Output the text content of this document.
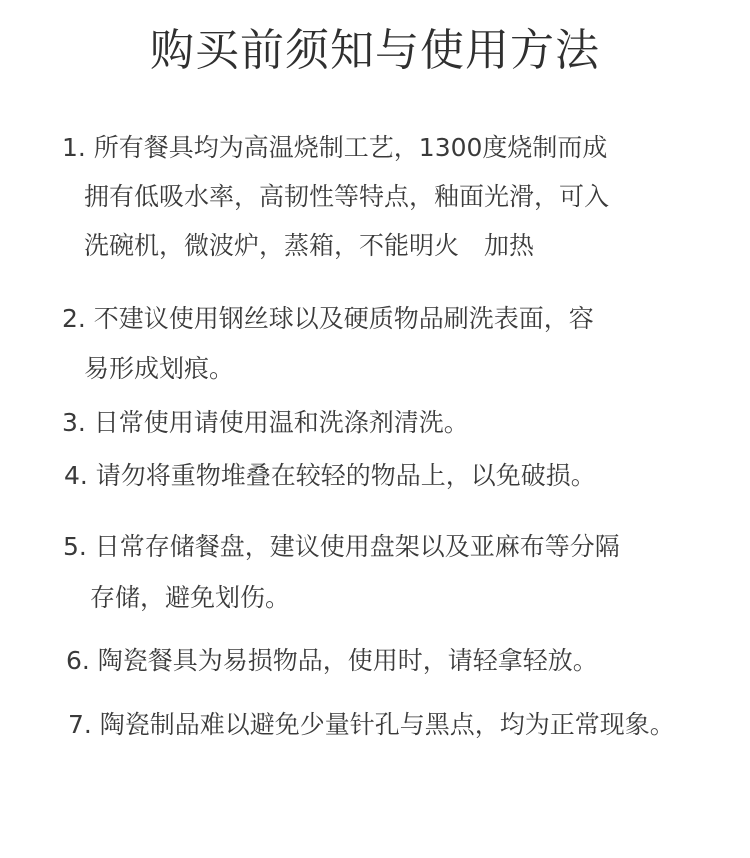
购买前须知与使用方法
1. 所有餐具均为高温烧制工艺，1300度烧制而成
拥有低吸水率，高韧性等特点，釉面光滑，可入
洗碗机，微波炉，蒸箱，不能明火　加热
2. 不建议使用钢丝球以及硬质物品刷洗表面，容
易形成划痕。
3. 日常使用请使用温和洗涤剂清洗。
4. 请勿将重物堆叠在较轻的物品上，以免破损。
5. 日常存储餐盘，建议使用盘架以及亚麻布等分隔
存储，避免划伤。
6. 陶瓷餐具为易损物品，使用时，请轻拿轻放。
7. 陶瓷制品难以避免少量针孔与黑点，均为正常现象。
